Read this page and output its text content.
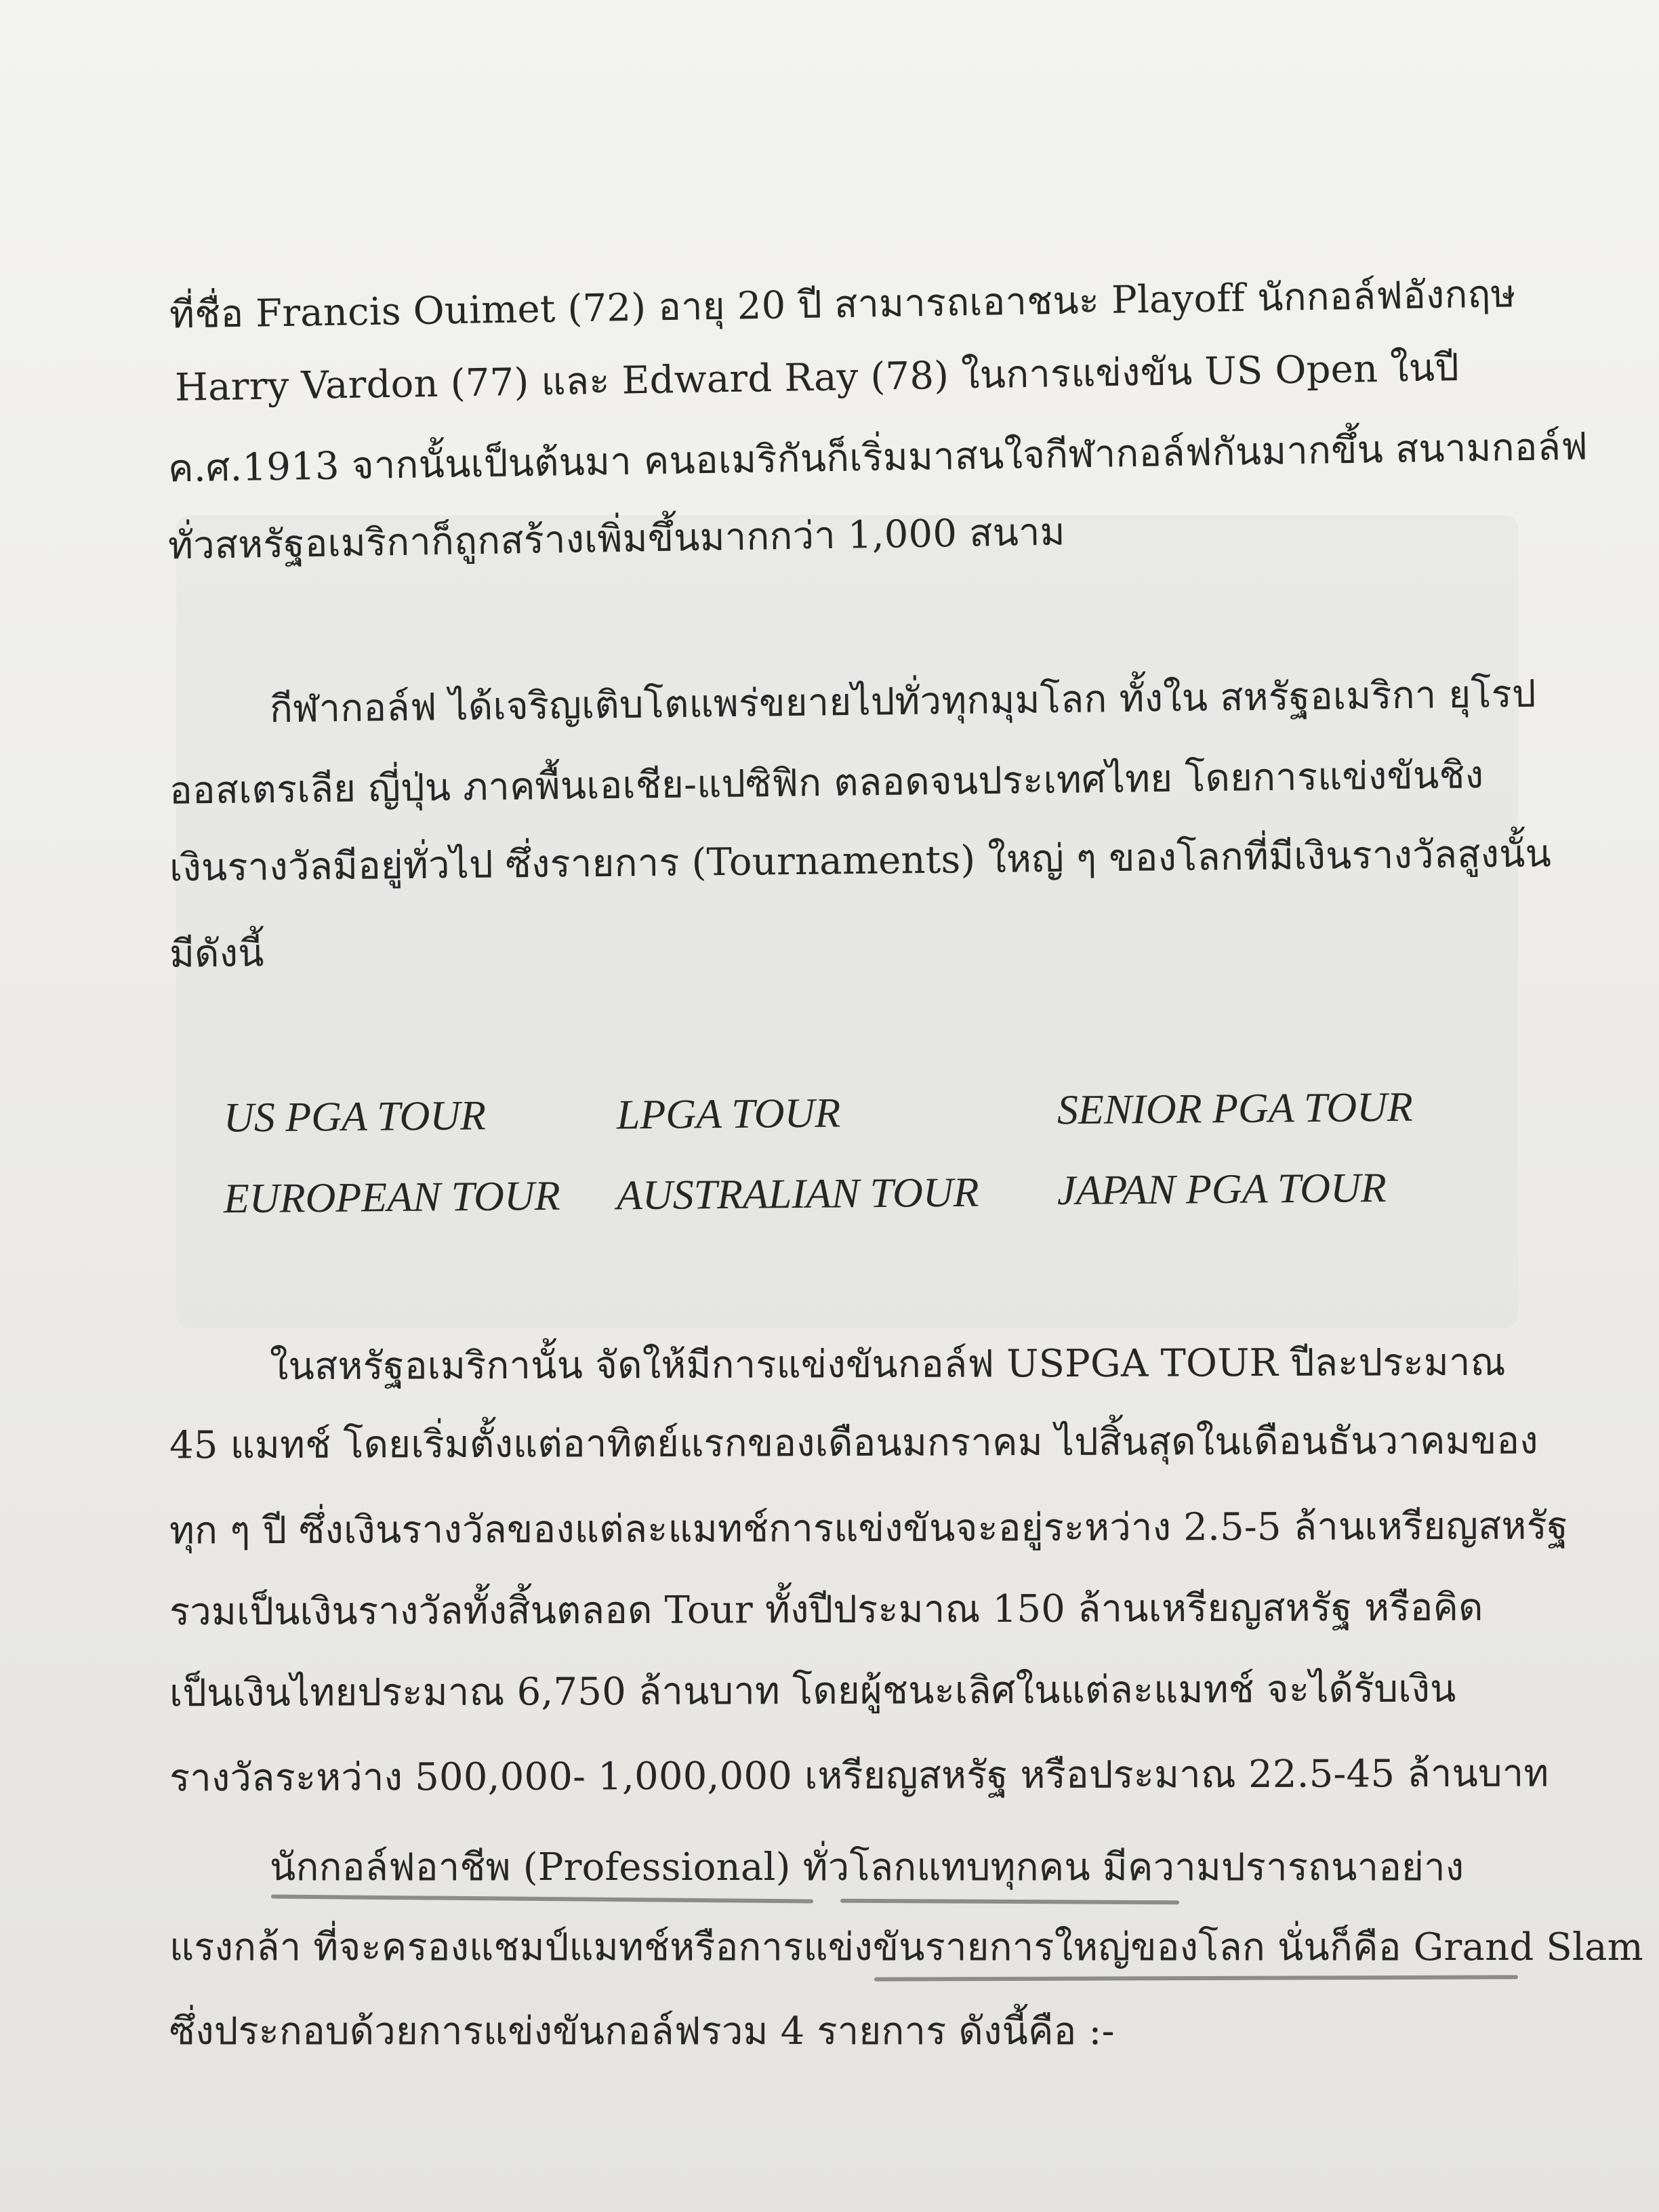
ที่ชื่อ Francis Ouimet (72) อายุ 20 ปี สามารถเอาชนะ Playoff นักกอล์ฟอังกฤษ
Harry Vardon (77) และ Edward Ray (78) ในการแข่งขัน US Open ในปี
ค.ศ.1913 จากนั้นเป็นต้นมา คนอเมริกันก็เริ่มมาสนใจกีฬากอล์ฟกันมากขึ้น สนามกอล์ฟ
ทั่วสหรัฐอเมริกาก็ถูกสร้างเพิ่มขึ้นมากกว่า 1,000 สนาม
กีฬากอล์ฟ ได้เจริญเติบโตแพร่ขยายไปทั่วทุกมุมโลก ทั้งใน สหรัฐอเมริกา ยุโรป
ออสเตรเลีย ญี่ปุ่น ภาคพื้นเอเชีย-แปซิฟิก ตลอดจนประเทศไทย โดยการแข่งขันชิง
เงินรางวัลมีอยู่ทั่วไป ซึ่งรายการ (Tournaments) ใหญ่ ๆ ของโลกที่มีเงินรางวัลสูงนั้น
มีดังนี้
US PGA TOUR	LPGA TOUR	SENIOR PGA TOUR
EUROPEAN TOUR AUSTRALIAN TOUR JAPAN PGA TOUR
ในสหรัฐอเมริกานั้น จัดให้มีการแข่งขันกอล์ฟ USPGA TOUR ปีละประมาณ
45 แมทช์ โดยเริ่มตั้งแต่อาทิตย์แรกของเดือนมกราคม ไปสิ้นสุดในเดือนธันวาคมของ
ทุก ๆ ปี ซึ่งเงินรางวัลของแต่ละแมทช์การแข่งขันจะอยู่ระหว่าง 2.5-5 ล้านเหรียญสหรัฐ
รวมเป็นเงินรางวัลทั้งสิ้นตลอด Tour ทั้งปีประมาณ 150 ล้านเหรียญสหรัฐ หรือคิด
เป็นเงินไทยประมาณ 6,750 ล้านบาท โดยผู้ชนะเลิศในแต่ละแมทช์ จะได้รับเงิน
รางวัลระหว่าง 500,000- 1,000,000 เหรียญสหรัฐ หรือประมาณ 22.5-45 ล้านบาท
นักกอล์ฟอาชีพ (Professional) ทั่วโลกแทบทุกคน มีความปรารถนาอย่าง
แรงกล้า ที่จะครองแชมป์แมทช์หรือการแข่งขันรายการใหญ่ของโลก นั่นก็คือ Grand Slam
ซึ่งประกอบด้วยการแข่งขันกอล์ฟรวม 4 รายการ ดังนี้คือ :-
